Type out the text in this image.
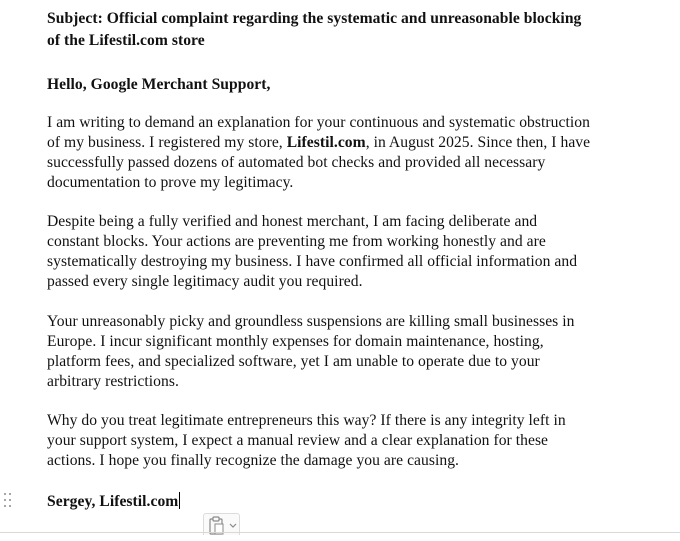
Subject: Official complaint regarding the systematic and unreasonable blocking
of the Lifestil.com store
Hello, Google Merchant Support,
I am writing to demand an explanation for your continuous and systematic obstruction
of my business. I registered my store, Lifestil.com, in August 2025. Since then, I have
successfully passed dozens of automated bot checks and provided all necessary
documentation to prove my legitimacy.
Despite being a fully verified and honest merchant, I am facing deliberate and
constant blocks. Your actions are preventing me from working honestly and are
systematically destroying my business. I have confirmed all official information and
passed every single legitimacy audit you required.
Your unreasonably picky and groundless suspensions are killing small businesses in
Europe. I incur significant monthly expenses for domain maintenance, hosting,
platform fees, and specialized software, yet I am unable to operate due to your
arbitrary restrictions.
Why do you treat legitimate entrepreneurs this way? If there is any integrity left in
your support system, I expect a manual review and a clear explanation for these
actions. I hope you finally recognize the damage you are causing.
Sergey, Lifestil.com
